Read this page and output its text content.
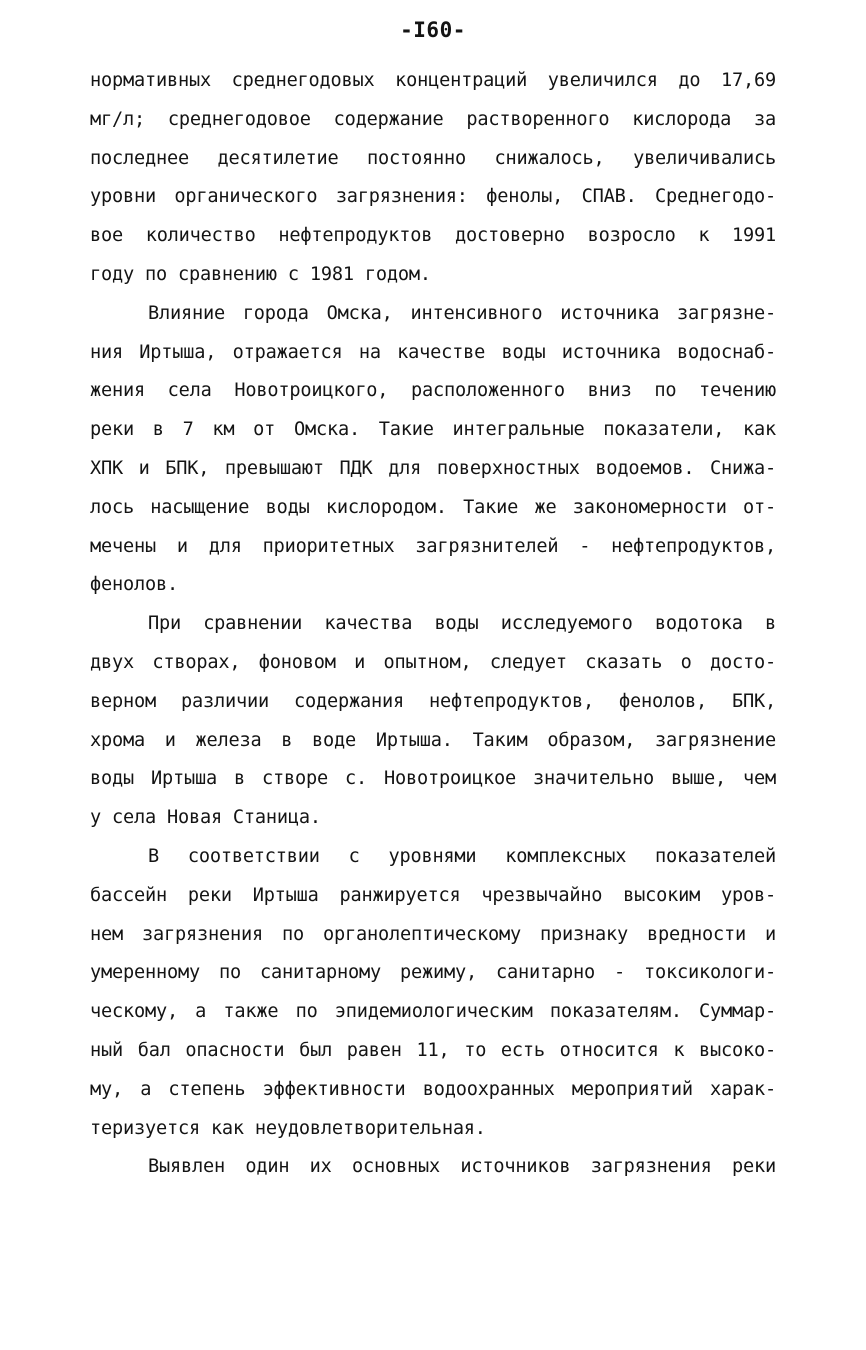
-I60-
нормативных среднегодовых концентраций увеличился до 17,69
мг/л; среднегодовое содержание растворенного кислорода за
последнее десятилетие постоянно снижалось, увеличивались
уровни органического загрязнения: фенолы, СПАВ. Среднегодо-
вое количество нефтепродуктов достоверно возросло к 1991
году по сравнению с 1981 годом.
Влияние города Омска, интенсивного источника загрязне-
ния Иртыша, отражается на качестве воды источника водоснаб-
жения села Новотроицкого, расположенного вниз по течению
реки в 7 км от Омска. Такие интегральные показатели, как
ХПК и БПК, превышают ПДК для поверхностных водоемов. Снижа-
лось насыщение воды кислородом. Такие же закономерности от-
мечены и для приоритетных загрязнителей - нефтепродуктов,
фенолов.
При сравнении качества воды исследуемого водотока в
двух створах, фоновом и опытном, следует сказать о досто-
верном различии содержания нефтепродуктов, фенолов, БПК,
хрома и железа в воде Иртыша. Таким образом, загрязнение
воды Иртыша в створе с. Новотроицкое значительно выше, чем
у села Новая Станица.
В соответствии с уровнями комплексных показателей
бассейн реки Иртыша ранжируется чрезвычайно высоким уров-
нем загрязнения по органолептическому признаку вредности и
умеренному по санитарному режиму, санитарно - токсикологи-
ческому, а также по эпидемиологическим показателям. Суммар-
ный бал опасности был равен 11, то есть относится к высоко-
му, а степень эффективности водоохранных мероприятий харак-
теризуется как неудовлетворительная.
Выявлен один их основных источников загрязнения реки
